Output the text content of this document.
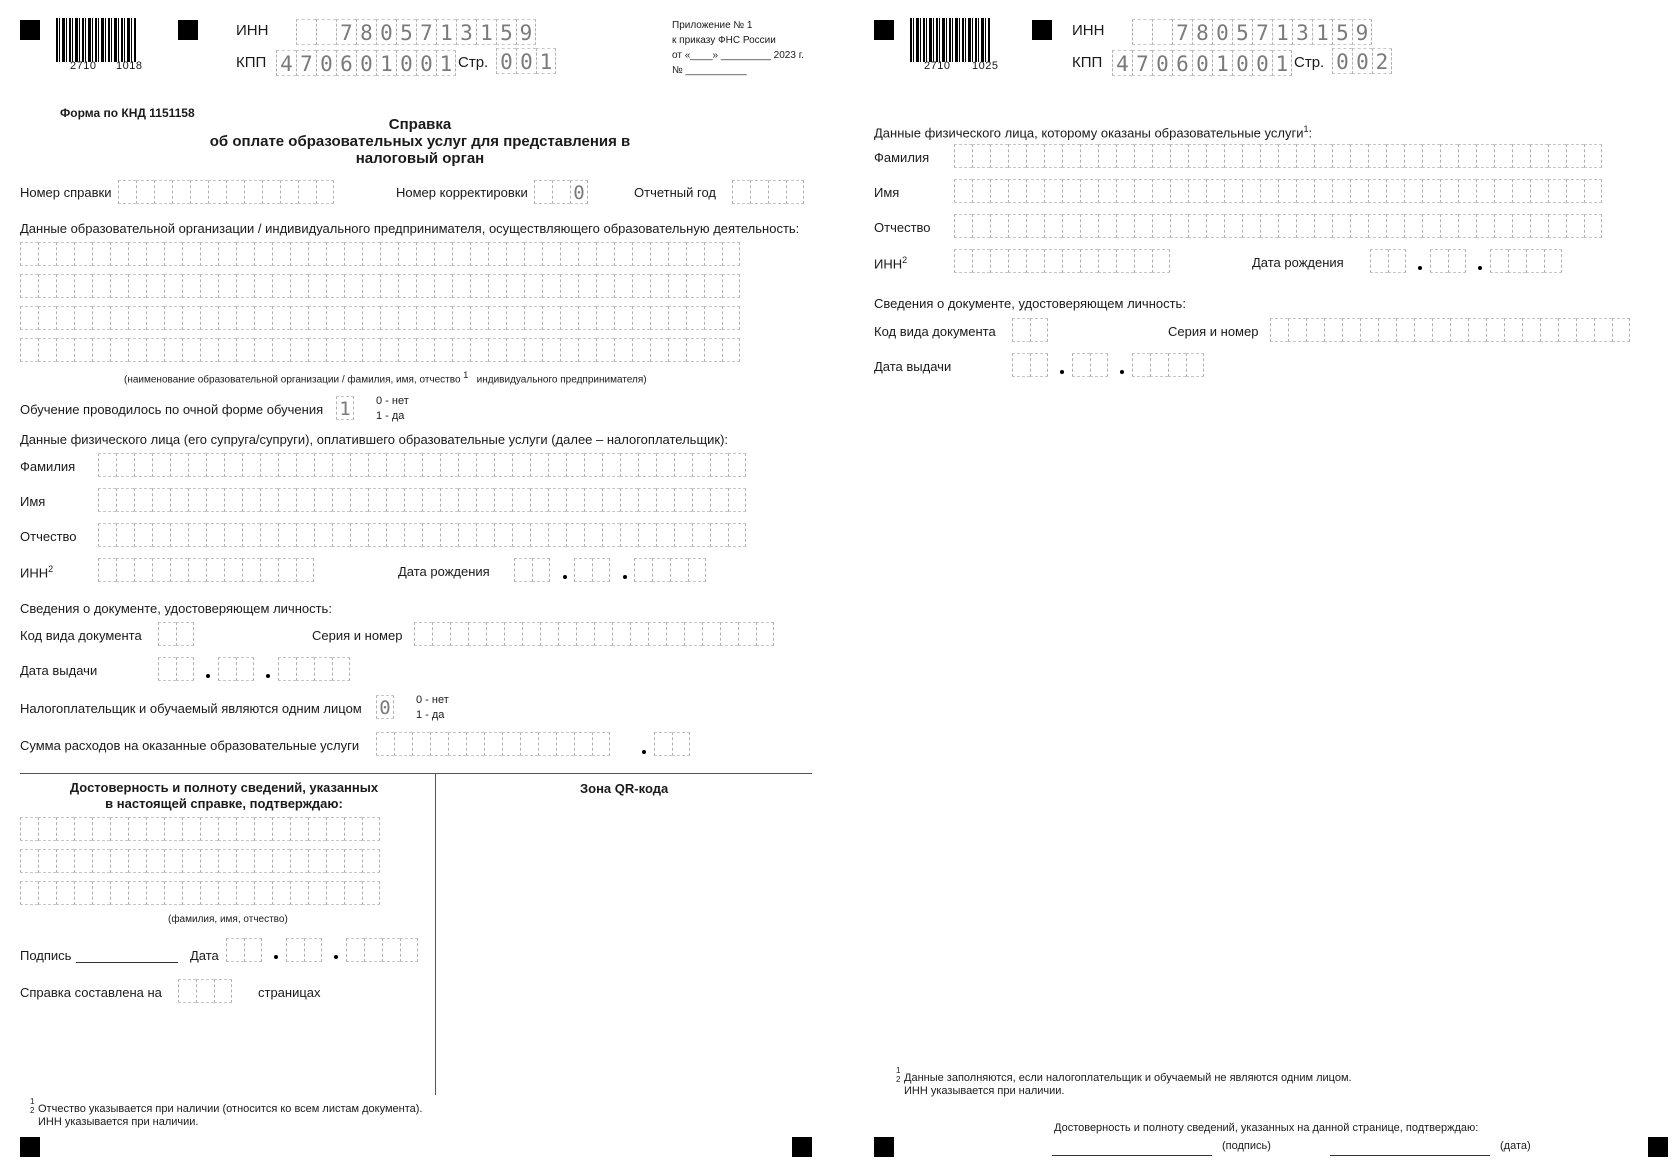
2710 1018
ИНН	7 8 0 5 7 1 3 1 5 9
КПП 4 7 0 6 0 1 0 0 1 Стр. 0 0 1
Приложение № 1
к приказу ФНС России
от «____» _________ 2023 г.
№ ___________
Форма по КНД 1151158
Справка
об оплате образовательных услуг для представления в
налоговый орган
Номер справки	Номер корректировки 0	Отчетный год
Данные образовательной организации / индивидуального предпринимателя, осуществляющего образовательную деятельность:
(наименование образовательной организации / фамилия, имя, отчество $^1$ индивидуального предпринимателя)
Обучение проводилось по очной форме обучения 1 0 - нет
1 - да
Данные физического лица (его супруга/супруги), оплатившего образовательные услуги (далее – налогоплательщик):
Фамилия
Имя
Отчество
ИНН$^2$	Дата рождения
Сведения о документе, удостоверяющем личность:
Код вида документа	Серия и номер
Дата выдачи
Налогоплательщик и обучаемый являются одним лицом 0 0 - нет
1 - да
Сумма расходов на оказанные образовательные услуги
Достоверность и полноту сведений, указанных
в настоящей справке, подтверждаю:
Зона QR-кода
(фамилия, имя, отчество)
Подпись	Дата
Справка составлена на	страницах
1
2 Отчество указывается при наличии (относится ко всем листам документа).
ИНН указывается при наличии.
2710 1025
ИНН	7 8 0 5 7 1 3 1 5 9
КПП 4 7 0 6 0 1 0 0 1 Стр. 0 0 2
Данные физического лица, которому оказаны образовательные услуги$^1$:
Фамилия
Имя
Отчество
ИНН$^2$	Дата рождения
Сведения о документе, удостоверяющем личность:
Код вида документа	Серия и номер
Дата выдачи
1
2 Данные заполняются, если налогоплательщик и обучаемый не являются одним лицом.
ИНН указывается при наличии.
Достоверность и полноту сведений, указанных на данной странице, подтверждаю:
(подпись)	(дата)
